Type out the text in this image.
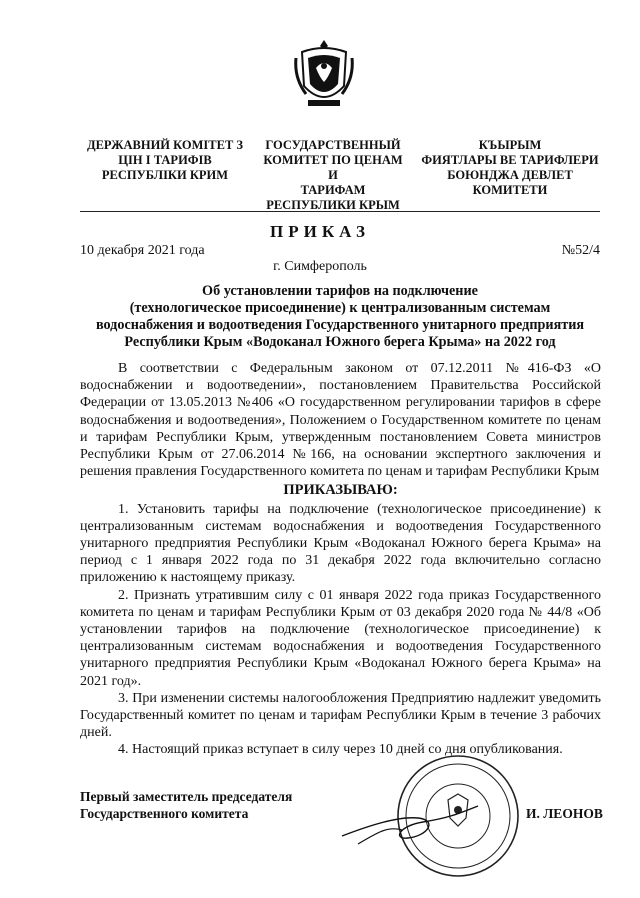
ДЕРЖАВНИЙ КОМIТЕТ З
ЦIН I ТАРИФIВ
РЕСПУБЛIКИ КРИМ
ГОСУДАРСТВЕННЫЙ
КОМИТЕТ ПО ЦЕНАМ И
ТАРИФАМ
РЕСПУБЛИКИ КРЫМ
КЪЫРЫМ
ФИЯТЛАРЫ ВЕ ТАРИФЛЕРИ
БОЮНДЖА ДЕВЛЕТ
КОМИТЕТИ
ПРИКАЗ
10 декабря 2021 года	№52/4
г. Симферополь
Об установлении тарифов на подключение
(технологическое присоединение) к централизованным системам
водоснабжения и водоотведения Государственного унитарного предприятия
Республики Крым «Водоканал Южного берега Крыма» на 2022 год

В соответствии с Федеральным законом от 07.12.2011 №416-ФЗ «О водоснабжении и водоотведении», постановлением Правительства Российской Федерации от 13.05.2013 №406 «О государственном регулировании тарифов в сфере водоснабжения и водоотведения», Положением о Государственном комитете по ценам и тарифам Республики Крым, утвержденным постановлением Совета министров Республики Крым от 27.06.2014 №166, на основании экспертного заключения и решения правления Государственного комитета по ценам и тарифам Республики Крым

ПРИКАЗЫВАЮ:

1. Установить тарифы на подключение (технологическое присоединение) к централизованным системам водоснабжения и водоотведения Государственного унитарного предприятия Республики Крым «Водоканал Южного берега Крыма» на период с 1 января 2022 года по 31 декабря 2022 года включительно согласно приложению к настоящему приказу.

2. Признать утратившим силу с 01 января 2022 года приказ Государственного комитета по ценам и тарифам Республики Крым от 03 декабря 2020 года № 44/8 «Об установлении тарифов на подключение (технологическое присоединение) к централизованным системам водоснабжения и водоотведения Государственного унитарного предприятия Республики Крым «Водоканал Южного берега Крыма» на 2021 год».

3. При изменении системы налогообложения Предприятию надлежит уведомить Государственный комитет по ценам и тарифам Республики Крым в течение 3 рабочих дней.

4. Настоящий приказ вступает в силу через 10 дней со дня опубликования.

Первый заместитель председателя
Государственного комитета	И. ЛЕОНОВ
